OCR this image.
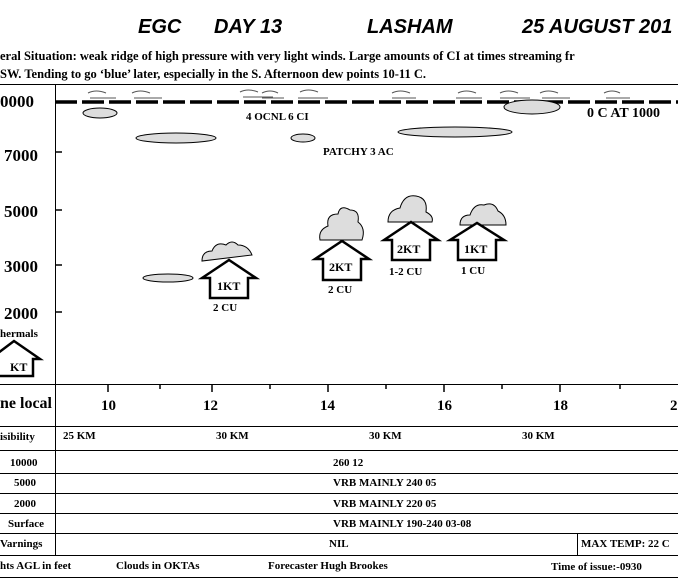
EGC DAY 13	LASHAM	25 AUGUST 201
eral Situation: weak ridge of high pressure with very light winds. Large amounts of CI at times streaming fr
SW. Tending to go ‘blue’ later, especially in the S. Afternoon dew points 10-11 C.
0000
7000
5000
3000
2000
4 OCNL 6 CI
PATCHY 3 AC
0 C AT 1000
1KT
2 CU
2KT
2 CU
2KT
1-2 CU
1KT
1 CU
hermals
KT
ne local	10	12	14	16	18	2
isibility	25 KM	30 KM	30 KM	30 KM
10000	260 12
5000	VRB MAINLY 240 05
2000	VRB MAINLY 220 05
Surface	VRB MAINLY 190-240 03-08
Varnings	NIL	MAX TEMP: 22 C
hts AGL in feet	Clouds in OKTAs	Forecaster Hugh Brookes	Time of issue:-0930
